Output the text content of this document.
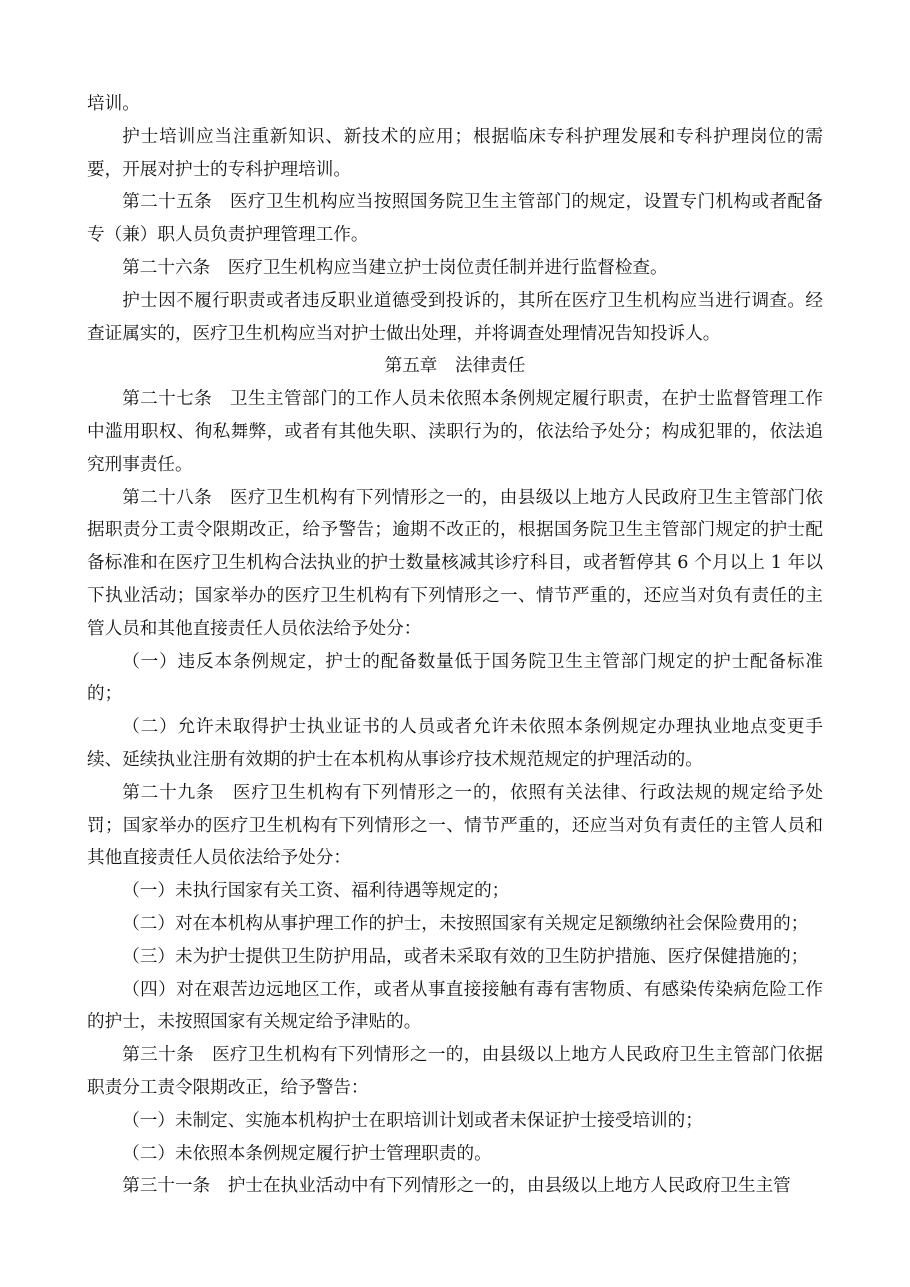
培训。

护士培训应当注重新知识、新技术的应用；根据临床专科护理发展和专科护理岗位的需要，开展对护士的专科护理培训。

第二十五条　医疗卫生机构应当按照国务院卫生主管部门的规定，设置专门机构或者配备专（兼）职人员负责护理管理工作。

第二十六条　医疗卫生机构应当建立护士岗位责任制并进行监督检查。

护士因不履行职责或者违反职业道德受到投诉的，其所在医疗卫生机构应当进行调查。经查证属实的，医疗卫生机构应当对护士做出处理，并将调查处理情况告知投诉人。

第五章　法律责任

第二十七条　卫生主管部门的工作人员未依照本条例规定履行职责，在护士监督管理工作中滥用职权、徇私舞弊，或者有其他失职、渎职行为的，依法给予处分；构成犯罪的，依法追究刑事责任。

第二十八条　医疗卫生机构有下列情形之一的，由县级以上地方人民政府卫生主管部门依据职责分工责令限期改正，给予警告；逾期不改正的，根据国务院卫生主管部门规定的护士配备标准和在医疗卫生机构合法执业的护士数量核减其诊疗科目，或者暂停其 6 个月以上 1 年以下执业活动；国家举办的医疗卫生机构有下列情形之一、情节严重的，还应当对负有责任的主管人员和其他直接责任人员依法给予处分：

（一）违反本条例规定，护士的配备数量低于国务院卫生主管部门规定的护士配备标准的；

（二）允许未取得护士执业证书的人员或者允许未依照本条例规定办理执业地点变更手续、延续执业注册有效期的护士在本机构从事诊疗技术规范规定的护理活动的。

第二十九条　医疗卫生机构有下列情形之一的，依照有关法律、行政法规的规定给予处罚；国家举办的医疗卫生机构有下列情形之一、情节严重的，还应当对负有责任的主管人员和其他直接责任人员依法给予处分：

（一）未执行国家有关工资、福利待遇等规定的；

（二）对在本机构从事护理工作的护士，未按照国家有关规定足额缴纳社会保险费用的；

（三）未为护士提供卫生防护用品，或者未采取有效的卫生防护措施、医疗保健措施的；

（四）对在艰苦边远地区工作，或者从事直接接触有毒有害物质、有感染传染病危险工作的护士，未按照国家有关规定给予津贴的。

第三十条　医疗卫生机构有下列情形之一的，由县级以上地方人民政府卫生主管部门依据职责分工责令限期改正，给予警告：

（一）未制定、实施本机构护士在职培训计划或者未保证护士接受培训的；

（二）未依照本条例规定履行护士管理职责的。

第三十一条　护士在执业活动中有下列情形之一的，由县级以上地方人民政府卫生主管
